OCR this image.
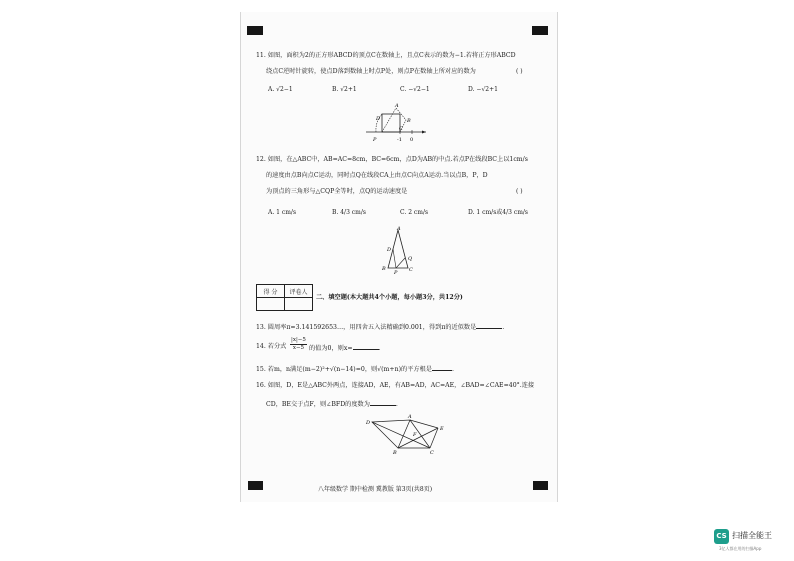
11. 如图，面积为2的正方形ABCD的顶点C在数轴上，且点C表示的数为−1.若将正方形ABCD
绕点C逆时针旋转，使点D落到数轴上时点P处，则点P在数轴上所对应的数为	( )
A. √2−1	B. √2+1	C. −√2−1	D. −√2+1
A
B
D
P
C
-1 0
12. 如图，在△ABC中，AB=AC=8cm，BC=6cm，点D为AB的中点.若点P在线段BC上以1cm/s
的速度由点B向点C运动，同时点Q在线段CA上由点C向点A运动.当以点B，P，D
为顶点的三角形与△CQP全等时，点Q的运动速度是	( )
A. 1 cm/s	B. 4/3 cm/s	C. 2 cm/s	D. 1 cm/s或4/3 cm/s
A
D
Q
B
P C
得 分	评卷人

二、填空题(本大题共4个小题，每小题3分，共12分)
13. 圆周率π=3.141592653…，用四舍五入法精确到0.001，得到π的近似数是	.
14. 若分式 $\frac{|x|-5}{x-5}$ 的值为0，则x=	.
15. 若m，n满足(m−2)²+√(n−14)=0，则√(m+n)的平方根是	.
16. 如图，D，E是△ABC外两点，连接AD，AE，有AB=AD，AC=AE，∠BAD=∠CAE=40°.连接
CD，BE交于点F，则∠BFD的度数为	.
D
A
E
F
B	C
八年级数学 期中检测 冀教版 第3页(共8页)
CS 扫描全能王
3亿人都在用的扫描App
